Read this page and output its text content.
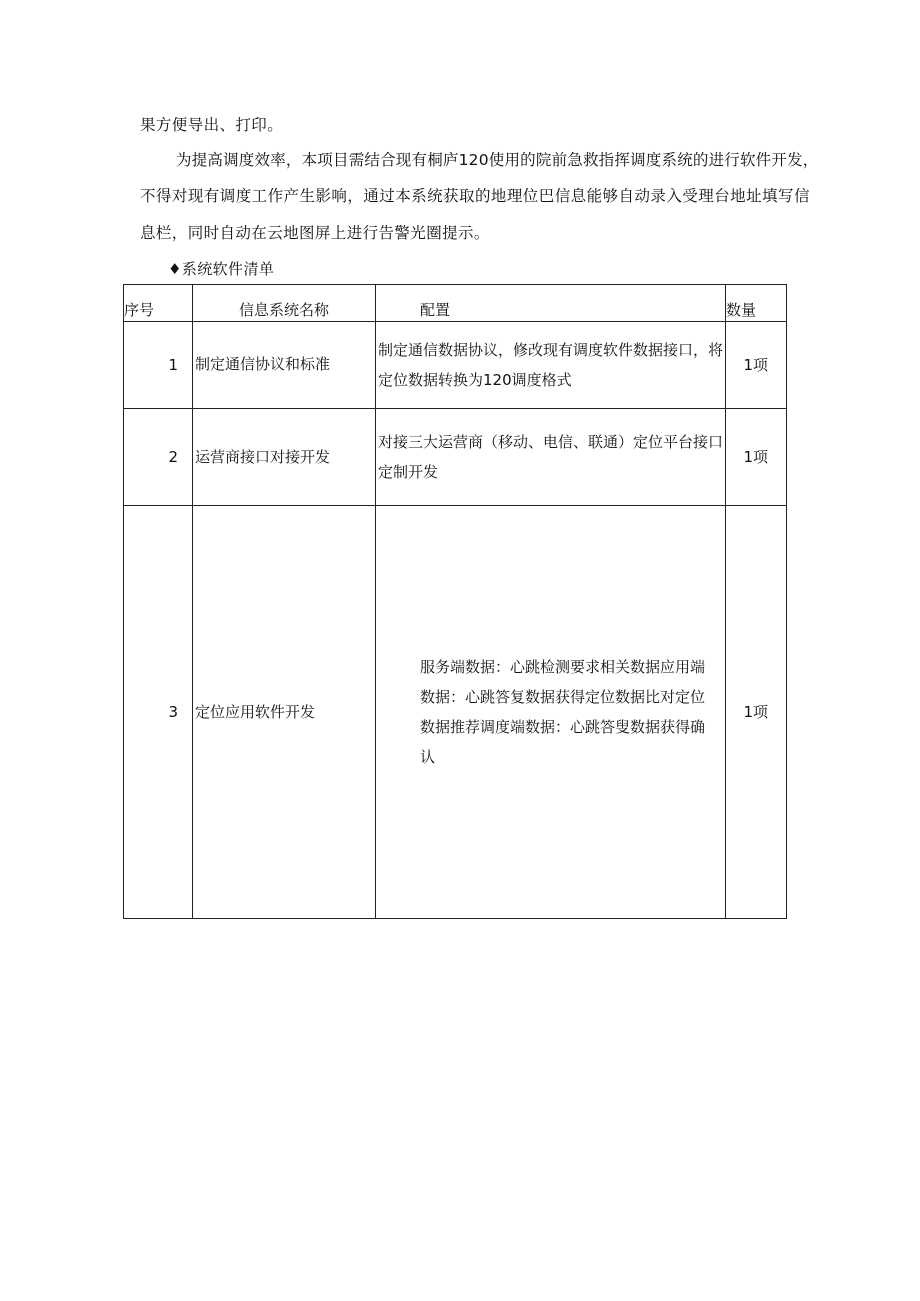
果方便导出、打印。
为提高调度效率，本项目需结合现有桐庐120使用的院前急救指挥调度系统的进行软件开发，
不得对现有调度工作产生影响，通过本系统获取的地理位巴信息能够自动录入受理台地址填写信
息栏，同时自动在云地图屏上进行告警光圈提示。
♦系统软件清单
序号	信息系统名称	配置	数量
1	制定通信协议和标准	制定通信数据协议，修改现有调度软件数据接口，将定位数据转换为120调度格式	1项
2	运营商接口对接开发	对接三大运营商（移动、电信、联通）定位平台接口定制开发	1项
3	定位应用软件开发	服务端数据：心跳检测要求相关数据应用端数据：心跳答复数据获得定位数据比对定位数据推荐调度端数据：心跳答叟数据获得确认	1项
